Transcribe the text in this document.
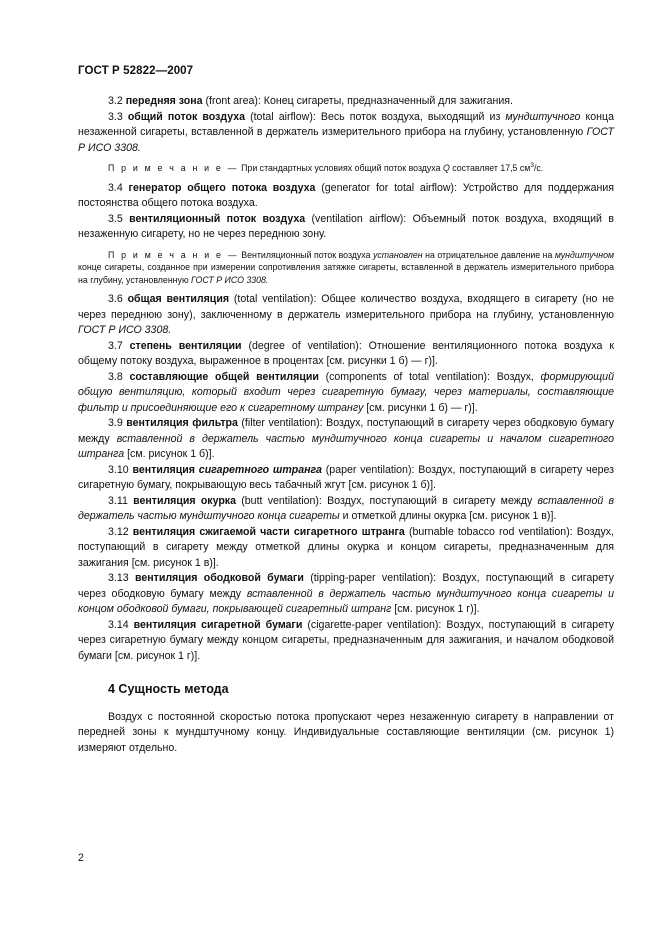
ГОСТ Р 52822—2007

3.2 передняя зона (front area): Конец сигареты, предназначенный для зажигания.

3.3 общий поток воздуха (total airflow): Весь поток воздуха, выходящий из мундштучного конца незаженной сигареты, вставленной в держатель измерительного прибора на глубину, установленную ГОСТ Р ИСО 3308.

П р и м е ч а н и е — При стандартных условиях общий поток воздуха Q составляет 17,5 $см^3/с$.

3.4 генератор общего потока воздуха (generator for total airflow): Устройство для поддержания постоянства общего потока воздуха.

3.5 вентиляционный поток воздуха (ventilation airflow): Объемный поток воздуха, входящий в незаженную сигарету, но не через переднюю зону.

П р и м е ч а н и е — Вентиляционный поток воздуха установлен на отрицательное давление на мундштучном конце сигареты, созданное при измерении сопротивления затяжке сигареты, вставленной в держатель измерительного прибора на глубину, установленную ГОСТ Р ИСО 3308.

3.6 общая вентиляция (total ventilation): Общее количество воздуха, входящего в сигарету (но не через переднюю зону), заключенному в держатель измерительного прибора на глубину, установленную ГОСТ Р ИСО 3308.

3.7 степень вентиляции (degree of ventilation): Отношение вентиляционного потока воздуха к общему потоку воздуха, выраженное в процентах [см. рисунки 1 б) — г)].

3.8 составляющие общей вентиляции (components of total ventilation): Воздух, формирующий общую вентиляцию, который входит через сигаретную бумагу, через материалы, составляющие фильтр и присоединяющие его к сигаретному штрангу [см. рисунки 1 б) — г)].

3.9 вентиляция фильтра (filter ventilation): Воздух, поступающий в сигарету через ободковую бумагу между вставленной в держатель частью мундштучного конца сигареты и началом сигаретного штранга [см. рисунок 1 б)].

3.10 вентиляция сигаретного штранга (paper ventilation): Воздух, поступающий в сигарету через сигаретную бумагу, покрывающую весь табачный жгут [см. рисунок 1 б)].

3.11 вентиляция окурка (butt ventilation): Воздух, поступающий в сигарету между вставленной в держатель частью мундштучного конца сигареты и отметкой длины окурка [см. рисунок 1 в)].

3.12 вентиляция сжигаемой части сигаретного штранга (burnable tobacco rod ventilation): Воздух, поступающий в сигарету между отметкой длины окурка и концом сигареты, предназначенным для зажигания [см. рисунок 1 в)].

3.13 вентиляция ободковой бумаги (tipping-paper ventilation): Воздух, поступающий в сигарету через ободковую бумагу между вставленной в держатель частью мундштучного конца сигареты и концом ободковой бумаги, покрывающей сигаретный штранг [см. рисунок 1 г)].

3.14 вентиляция сигаретной бумаги (cigarette-paper ventilation): Воздух, поступающий в сигарету через сигаретную бумагу между концом сигареты, предназначенным для зажигания, и началом ободковой бумаги [см. рисунок 1 г)].

4 Сущность метода

Воздух с постоянной скоростью потока пропускают через незаженную сигарету в направлении от передней зоны к мундштучному концу. Индивидуальные составляющие вентиляции (см. рисунок 1) измеряют отдельно.

2
